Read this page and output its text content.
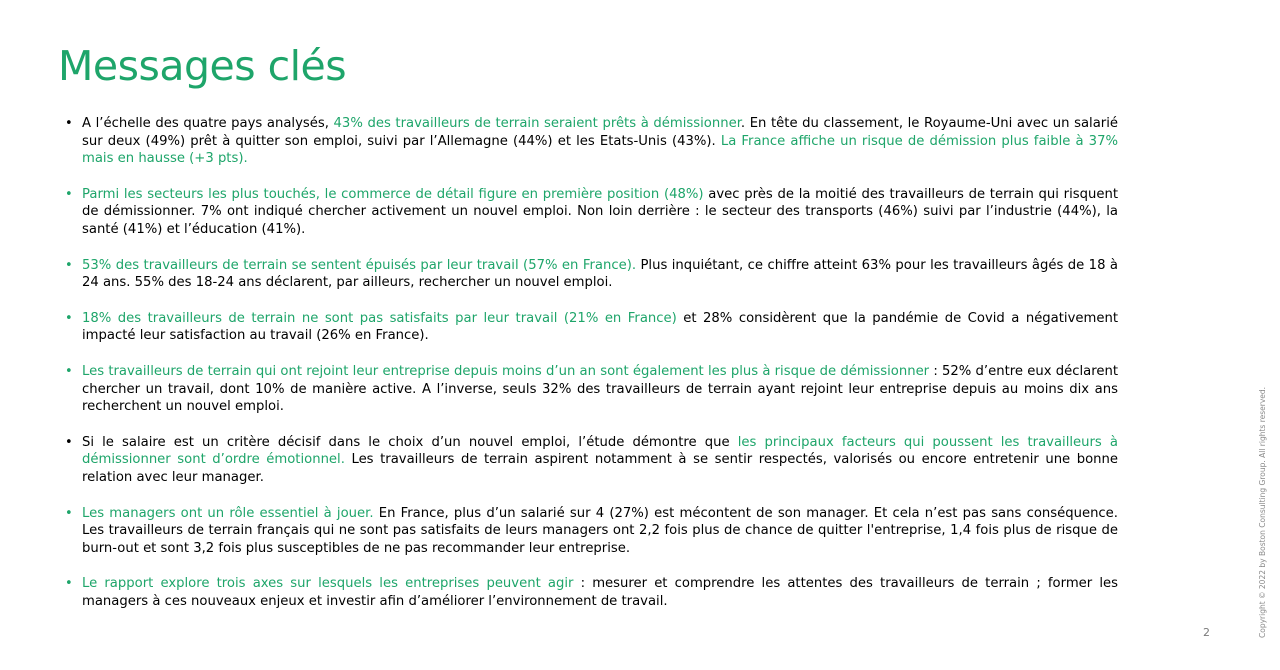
Messages clés
• A l’échelle des quatre pays analysés, 43% des travailleurs de terrain seraient prêts à démissionner. En tête du classement, le Royaume-Uni avec un salarié sur deux (49%) prêt à quitter son emploi, suivi par l’Allemagne (44%) et les Etats-Unis (43%). La France affiche un risque de démission plus faible à 37% mais en hausse (+3 pts).
• Parmi les secteurs les plus touchés, le commerce de détail figure en première position (48%) avec près de la moitié des travailleurs de terrain qui risquent de démissionner. 7% ont indiqué chercher activement un nouvel emploi. Non loin derrière : le secteur des transports (46%) suivi par l’industrie (44%), la santé (41%) et l’éducation (41%).
• 53% des travailleurs de terrain se sentent épuisés par leur travail (57% en France). Plus inquiétant, ce chiffre atteint 63% pour les travailleurs âgés de 18 à 24 ans. 55% des 18-24 ans déclarent, par ailleurs, rechercher un nouvel emploi.
• 18% des travailleurs de terrain ne sont pas satisfaits par leur travail (21% en France) et 28% considèrent que la pandémie de Covid a négativement impacté leur satisfaction au travail (26% en France).
• Les travailleurs de terrain qui ont rejoint leur entreprise depuis moins d’un an sont également les plus à risque de démissionner : 52% d’entre eux déclarent chercher un travail, dont 10% de manière active. A l’inverse, seuls 32% des travailleurs de terrain ayant rejoint leur entreprise depuis au moins dix ans recherchent un nouvel emploi.
• Si le salaire est un critère décisif dans le choix d’un nouvel emploi, l’étude démontre que les principaux facteurs qui poussent les travailleurs à démissionner sont d’ordre émotionnel. Les travailleurs de terrain aspirent notamment à se sentir respectés, valorisés ou encore entretenir une bonne relation avec leur manager.
• Les managers ont un rôle essentiel à jouer. En France, plus d’un salarié sur 4 (27%) est mécontent de son manager. Et cela n’est pas sans conséquence. Les travailleurs de terrain français qui ne sont pas satisfaits de leurs managers ont 2,2 fois plus de chance de quitter l'entreprise, 1,4 fois plus de risque de burn-out et sont 3,2 fois plus susceptibles de ne pas recommander leur entreprise.
• Le rapport explore trois axes sur lesquels les entreprises peuvent agir : mesurer et comprendre les attentes des travailleurs de terrain ; former les managers à ces nouveaux enjeux et investir afin d’améliorer l’environnement de travail.
2	Copyright © 2022 by Boston Consulting Group. All rights reserved.
